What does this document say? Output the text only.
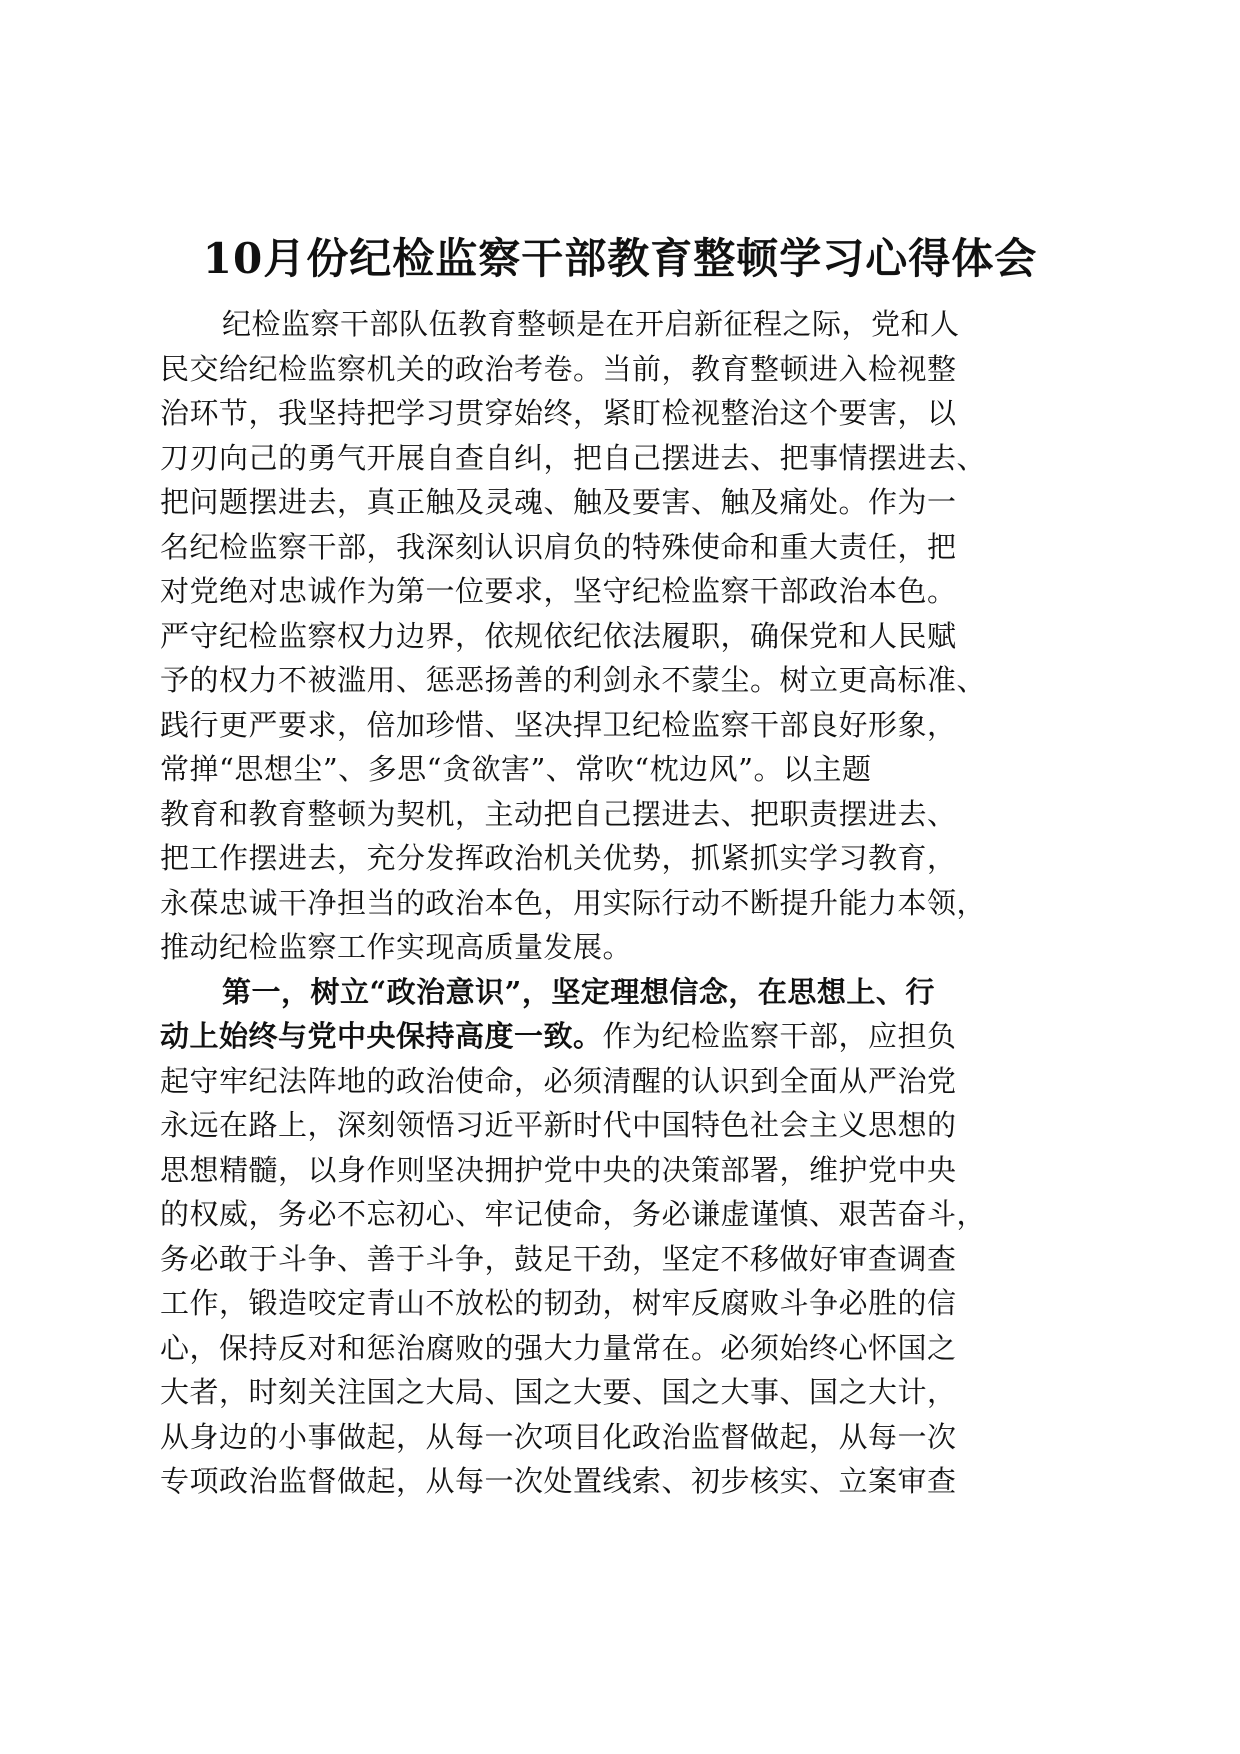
10月份纪检监察干部教育整顿学习心得体会
纪检监察干部队伍教育整顿是在开启新征程之际，党和人
民交给纪检监察机关的政治考卷。当前，教育整顿进入检视整
治环节，我坚持把学习贯穿始终，紧盯检视整治这个要害，以
刀刃向己的勇气开展自查自纠，把自己摆进去、把事情摆进去、
把问题摆进去，真正触及灵魂、触及要害、触及痛处。作为一
名纪检监察干部，我深刻认识肩负的特殊使命和重大责任，把
对党绝对忠诚作为第一位要求，坚守纪检监察干部政治本色。
严守纪检监察权力边界，依规依纪依法履职，确保党和人民赋
予的权力不被滥用、惩恶扬善的利剑永不蒙尘。树立更高标准、
践行更严要求，倍加珍惜、坚决捍卫纪检监察干部良好形象，
常掸“思想尘”、多思“贪欲害”、常吹“枕边风”。以主题
教育和教育整顿为契机，主动把自己摆进去、把职责摆进去、
把工作摆进去，充分发挥政治机关优势，抓紧抓实学习教育，
永葆忠诚干净担当的政治本色，用实际行动不断提升能力本领，
推动纪检监察工作实现高质量发展。
第一，树立“政治意识”，坚定理想信念，在思想上、行
动上始终与党中央保持高度一致。作为纪检监察干部，应担负
起守牢纪法阵地的政治使命，必须清醒的认识到全面从严治党
永远在路上，深刻领悟习近平新时代中国特色社会主义思想的
思想精髓，以身作则坚决拥护党中央的决策部署，维护党中央
的权威，务必不忘初心、牢记使命，务必谦虚谨慎、艰苦奋斗，
务必敢于斗争、善于斗争，鼓足干劲，坚定不移做好审查调查
工作，锻造咬定青山不放松的韧劲，树牢反腐败斗争必胜的信
心，保持反对和惩治腐败的强大力量常在。必须始终心怀国之
大者，时刻关注国之大局、国之大要、国之大事、国之大计，
从身边的小事做起，从每一次项目化政治监督做起，从每一次
专项政治监督做起，从每一次处置线索、初步核实、立案审查
